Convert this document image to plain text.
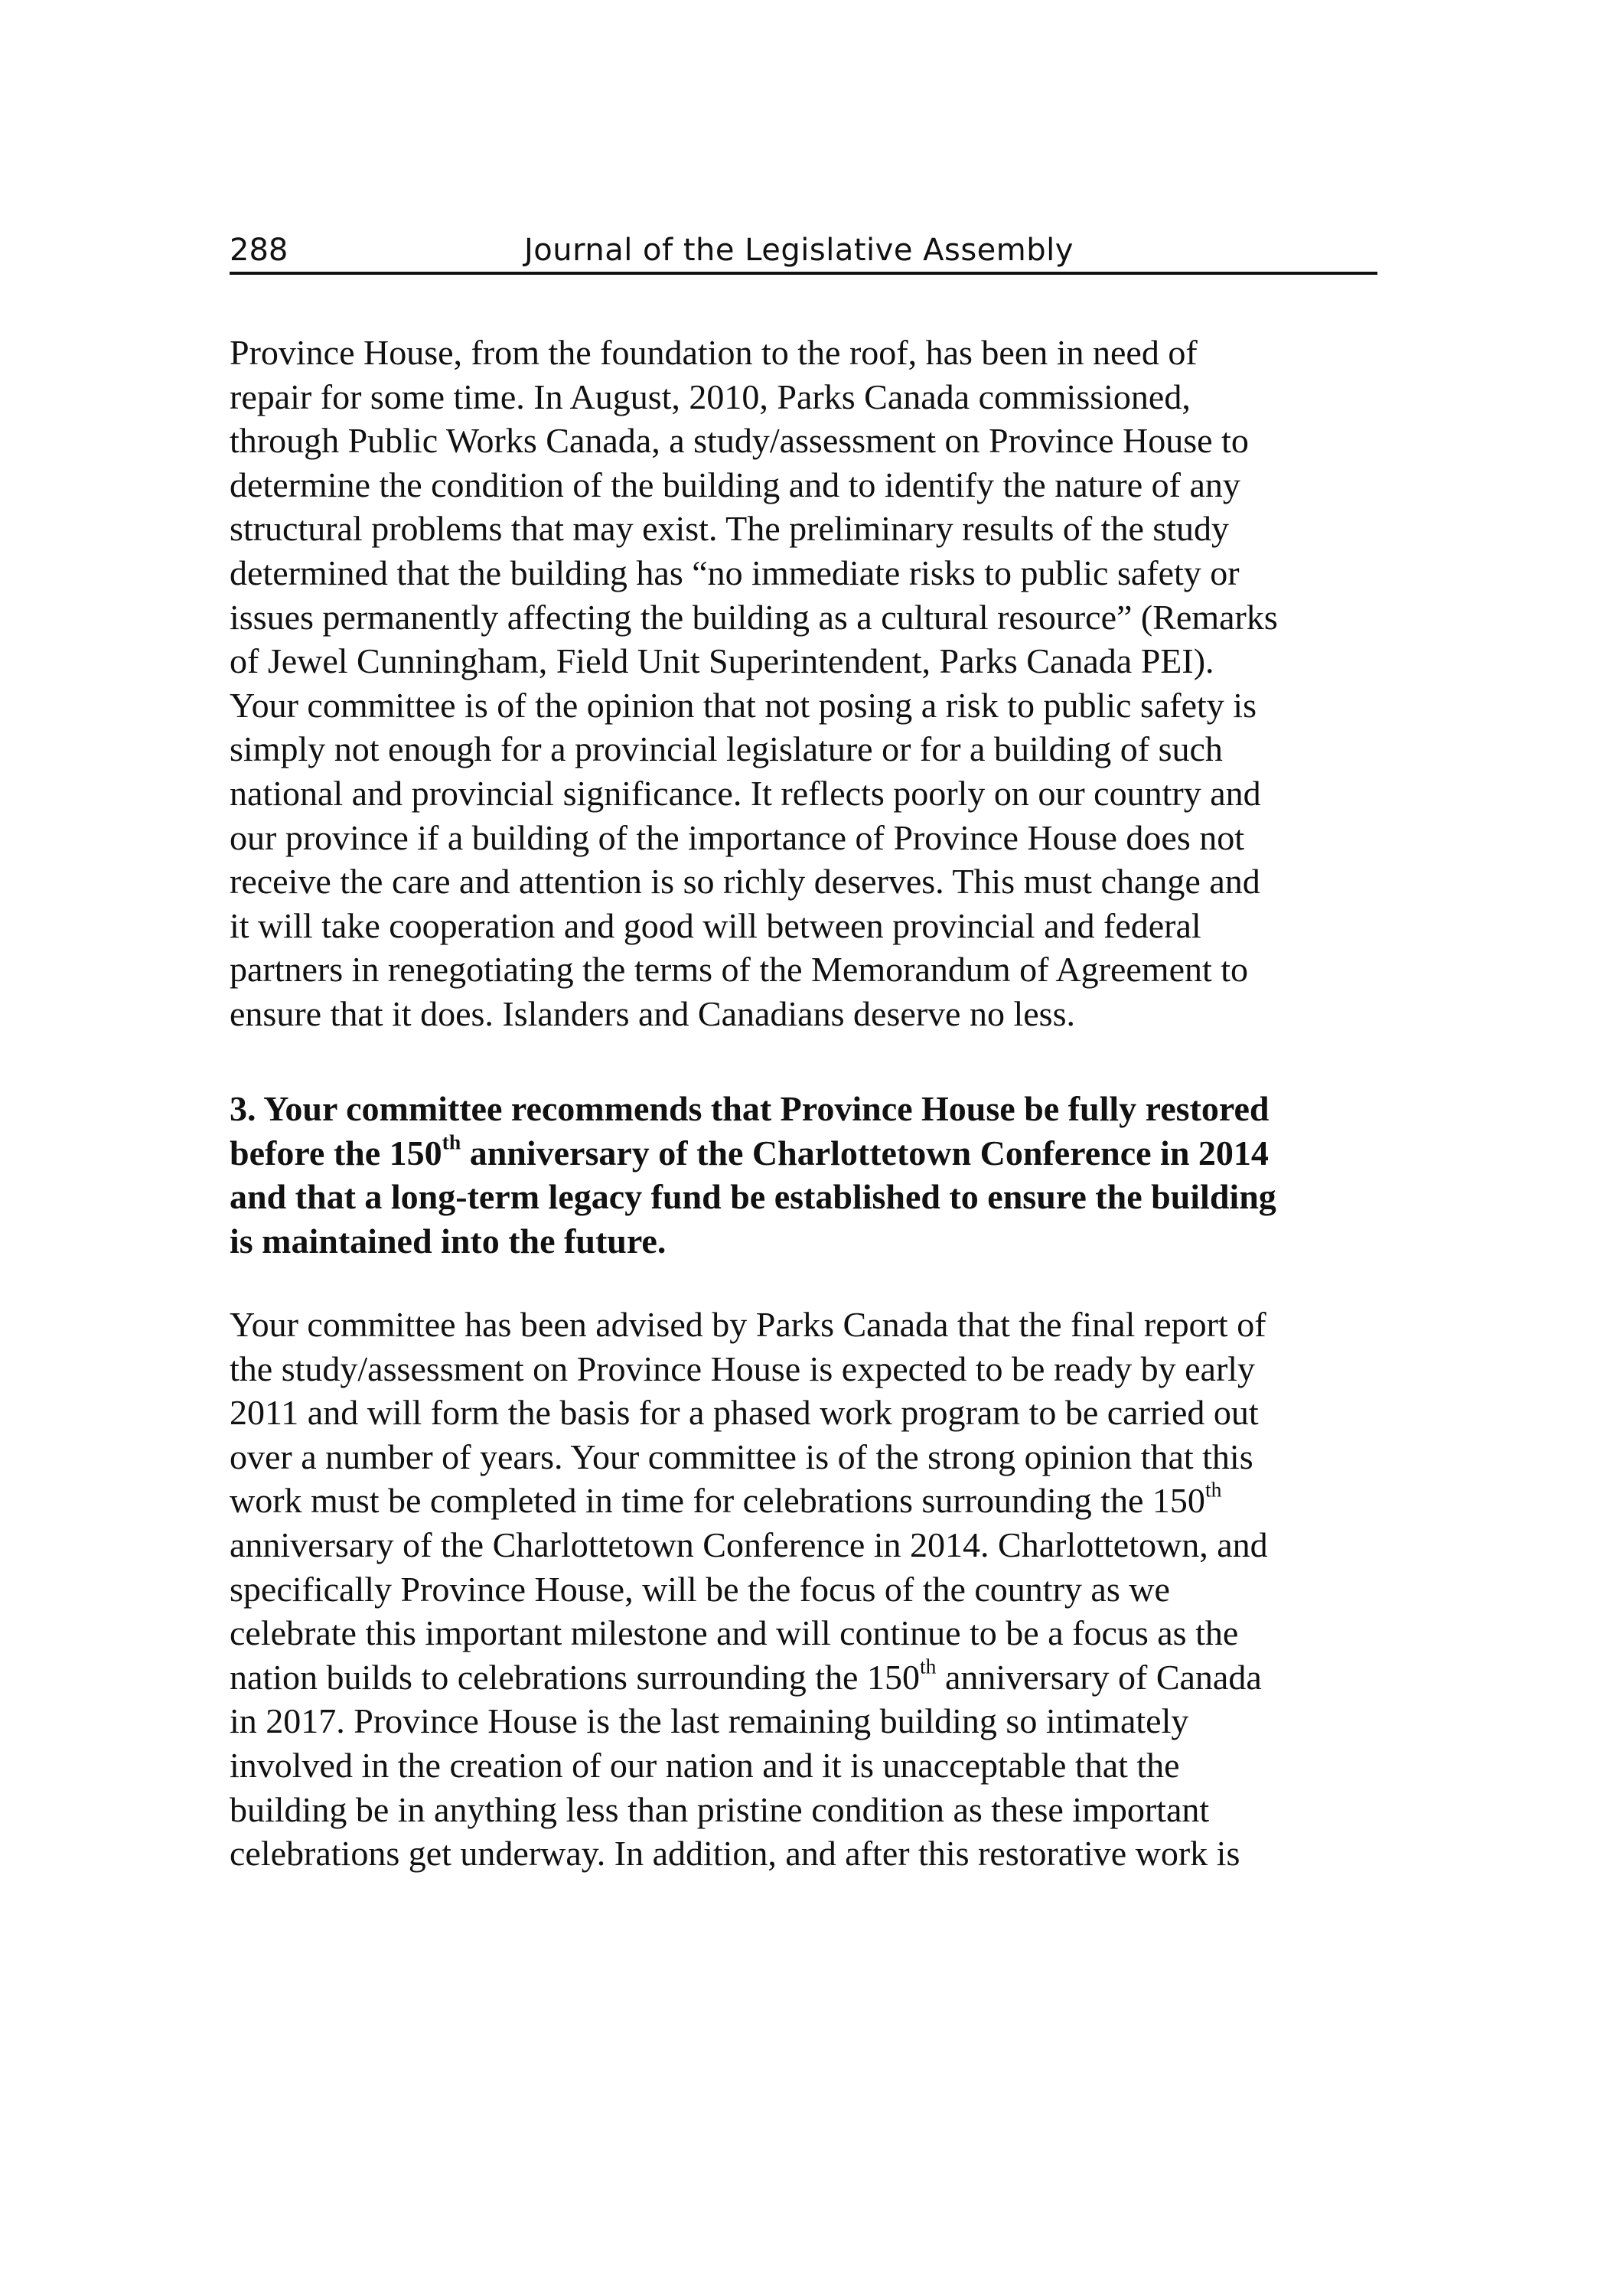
288	Journal of the Legislative Assembly
Province House, from the foundation to the roof, has been in need of
repair for some time. In August, 2010, Parks Canada commissioned,
through Public Works Canada, a study/assessment on Province House to
determine the condition of the building and to identify the nature of any
structural problems that may exist. The preliminary results of the study
determined that the building has “no immediate risks to public safety or
issues permanently affecting the building as a cultural resource” (Remarks
of Jewel Cunningham, Field Unit Superintendent, Parks Canada PEI).
Your committee is of the opinion that not posing a risk to public safety is
simply not enough for a provincial legislature or for a building of such
national and provincial significance. It reflects poorly on our country and
our province if a building of the importance of Province House does not
receive the care and attention is so richly deserves. This must change and
it will take cooperation and good will between provincial and federal
partners in renegotiating the terms of the Memorandum of Agreement to
ensure that it does. Islanders and Canadians deserve no less.
3. Your committee recommends that Province House be fully restored
before the 150th anniversary of the Charlottetown Conference in 2014
and that a long-term legacy fund be established to ensure the building
is maintained into the future.
Your committee has been advised by Parks Canada that the final report of
the study/assessment on Province House is expected to be ready by early
2011 and will form the basis for a phased work program to be carried out
over a number of years. Your committee is of the strong opinion that this
work must be completed in time for celebrations surrounding the 150th
anniversary of the Charlottetown Conference in 2014. Charlottetown, and
specifically Province House, will be the focus of the country as we
celebrate this important milestone and will continue to be a focus as the
nation builds to celebrations surrounding the 150th anniversary of Canada
in 2017. Province House is the last remaining building so intimately
involved in the creation of our nation and it is unacceptable that the
building be in anything less than pristine condition as these important
celebrations get underway. In addition, and after this restorative work is
